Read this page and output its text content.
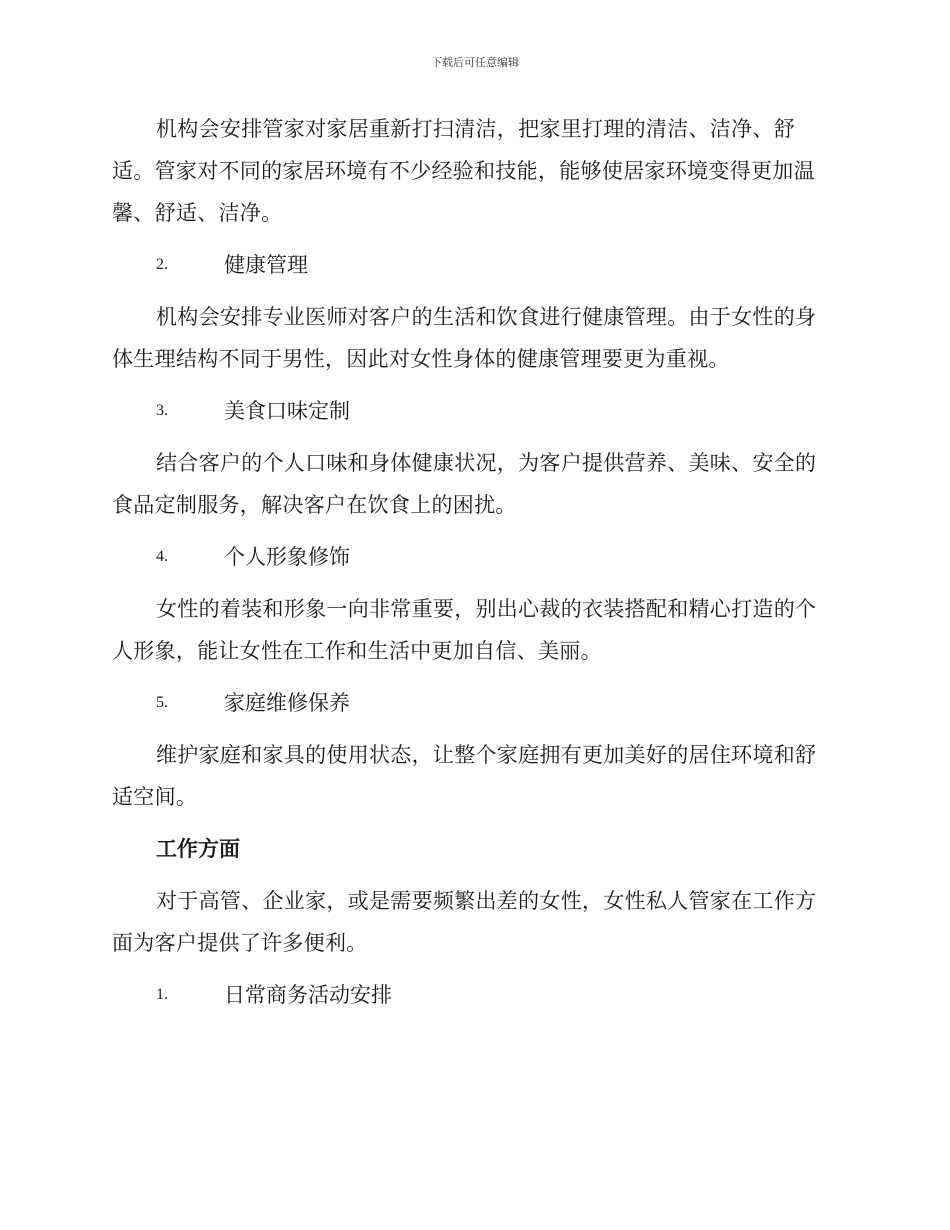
下载后可任意编辑

机构会安排管家对家居重新打扫清洁，把家里打理的清洁、洁净、舒适。管家对不同的家居环境有不少经验和技能，能够使居家环境变得更加温馨、舒适、洁净。

2.	健康管理

机构会安排专业医师对客户的生活和饮食进行健康管理。由于女性的身体生理结构不同于男性，因此对女性身体的健康管理要更为重视。

3.	美食口味定制

结合客户的个人口味和身体健康状况，为客户提供营养、美味、安全的食品定制服务，解决客户在饮食上的困扰。

4.	个人形象修饰

女性的着装和形象一向非常重要，别出心裁的衣装搭配和精心打造的个人形象，能让女性在工作和生活中更加自信、美丽。

5.	家庭维修保养

维护家庭和家具的使用状态，让整个家庭拥有更加美好的居住环境和舒适空间。

工作方面

对于高管、企业家，或是需要频繁出差的女性，女性私人管家在工作方面为客户提供了许多便利。

1.	日常商务活动安排
